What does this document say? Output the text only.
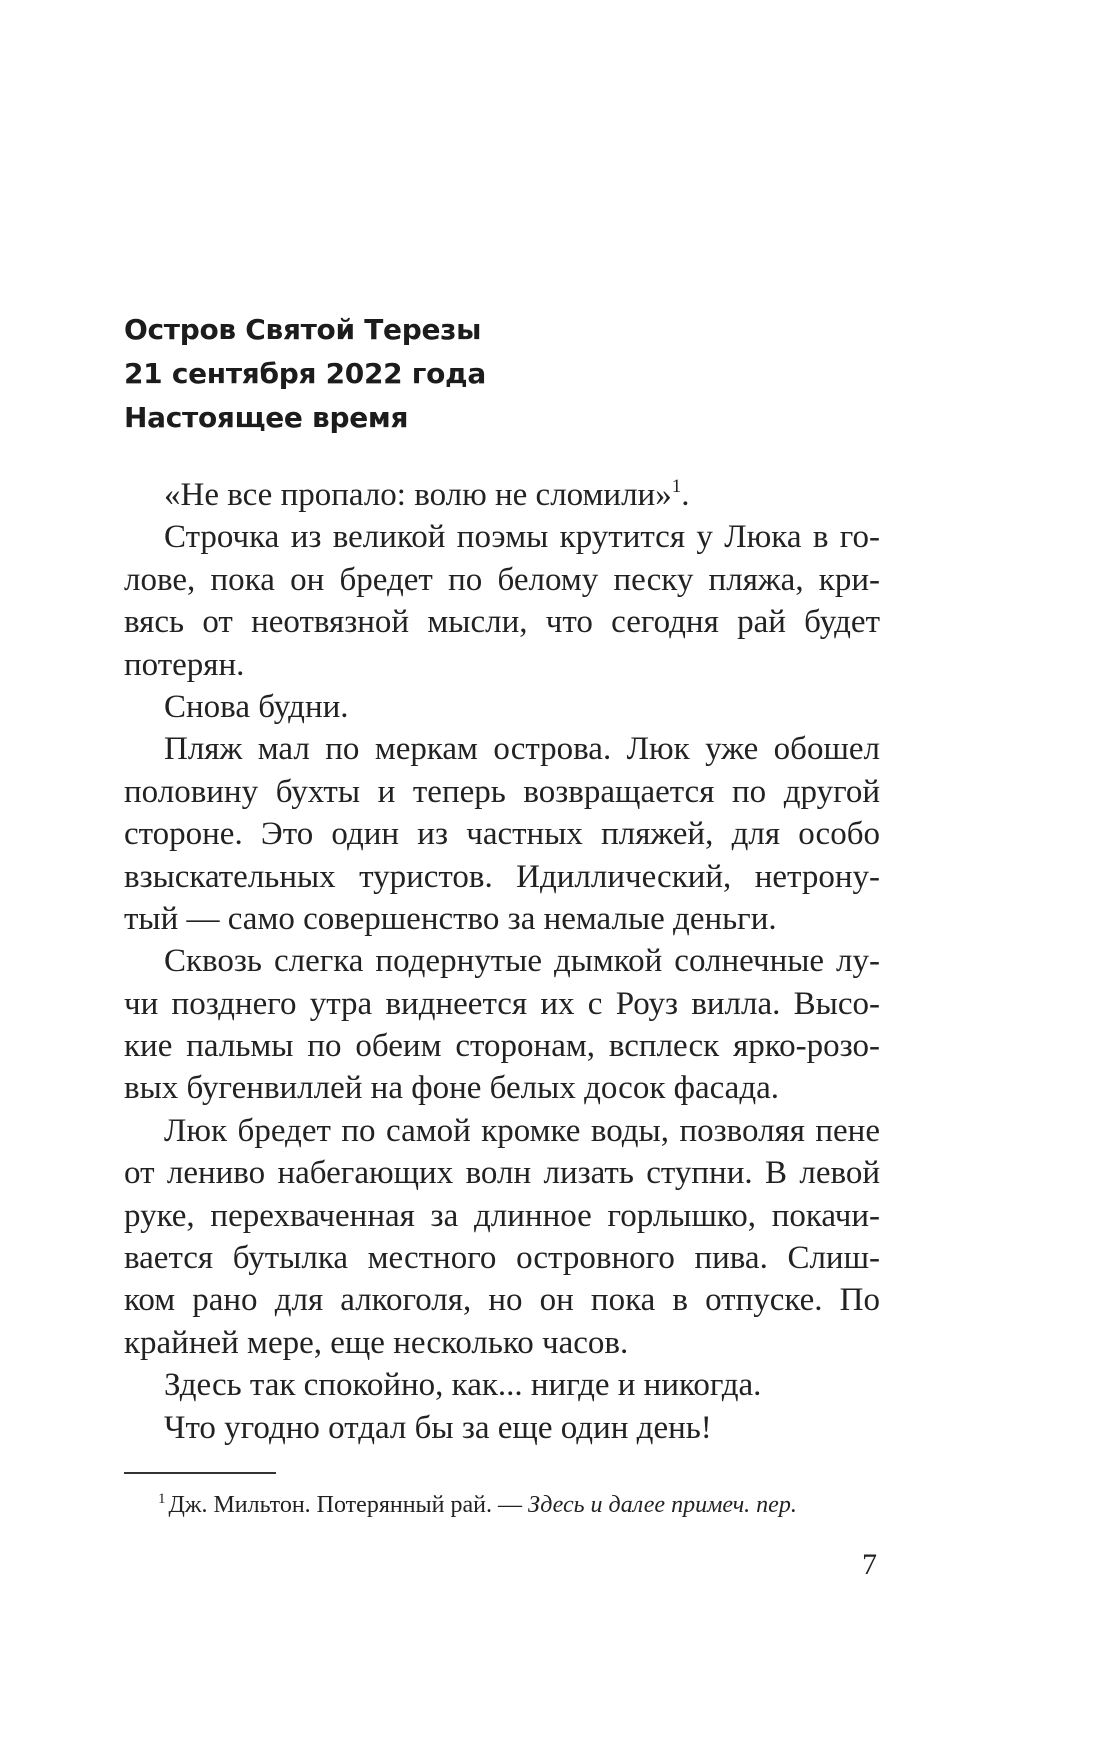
Остров Святой Терезы
21 сентября 2022 года
Настоящее время
«Не все пропало: волю не сломили»$^1$.
Строчка из великой поэмы крутится у Люка в го-
лове, пока он бредет по белому песку пляжа, кри-
вясь от неотвязной мысли, что сегодня рай будет
потерян.
Снова будни.
Пляж мал по меркам острова. Люк уже обошел
половину бухты и теперь возвращается по другой
стороне. Это один из частных пляжей, для особо
взыскательных туристов. Идиллический, нетрону-
тый — само совершенство за немалые деньги.
Сквозь слегка подернутые дымкой солнечные лу-
чи позднего утра виднеется их с Роуз вилла. Высо-
кие пальмы по обеим сторонам, всплеск ярко-розо-
вых бугенвиллей на фоне белых досок фасада.
Люк бредет по самой кромке воды, позволяя пене
от лениво набегающих волн лизать ступни. В левой
руке, перехваченная за длинное горлышко, покачи-
вается бутылка местного островного пива. Слиш-
ком рано для алкоголя, но он пока в отпуске. По
крайней мере, еще несколько часов.
Здесь так спокойно, как... нигде и никогда.
Что угодно отдал бы за еще один день!
$^1$ Дж. Мильтон. Потерянный рай. — Здесь и далее примеч. пер.
7
